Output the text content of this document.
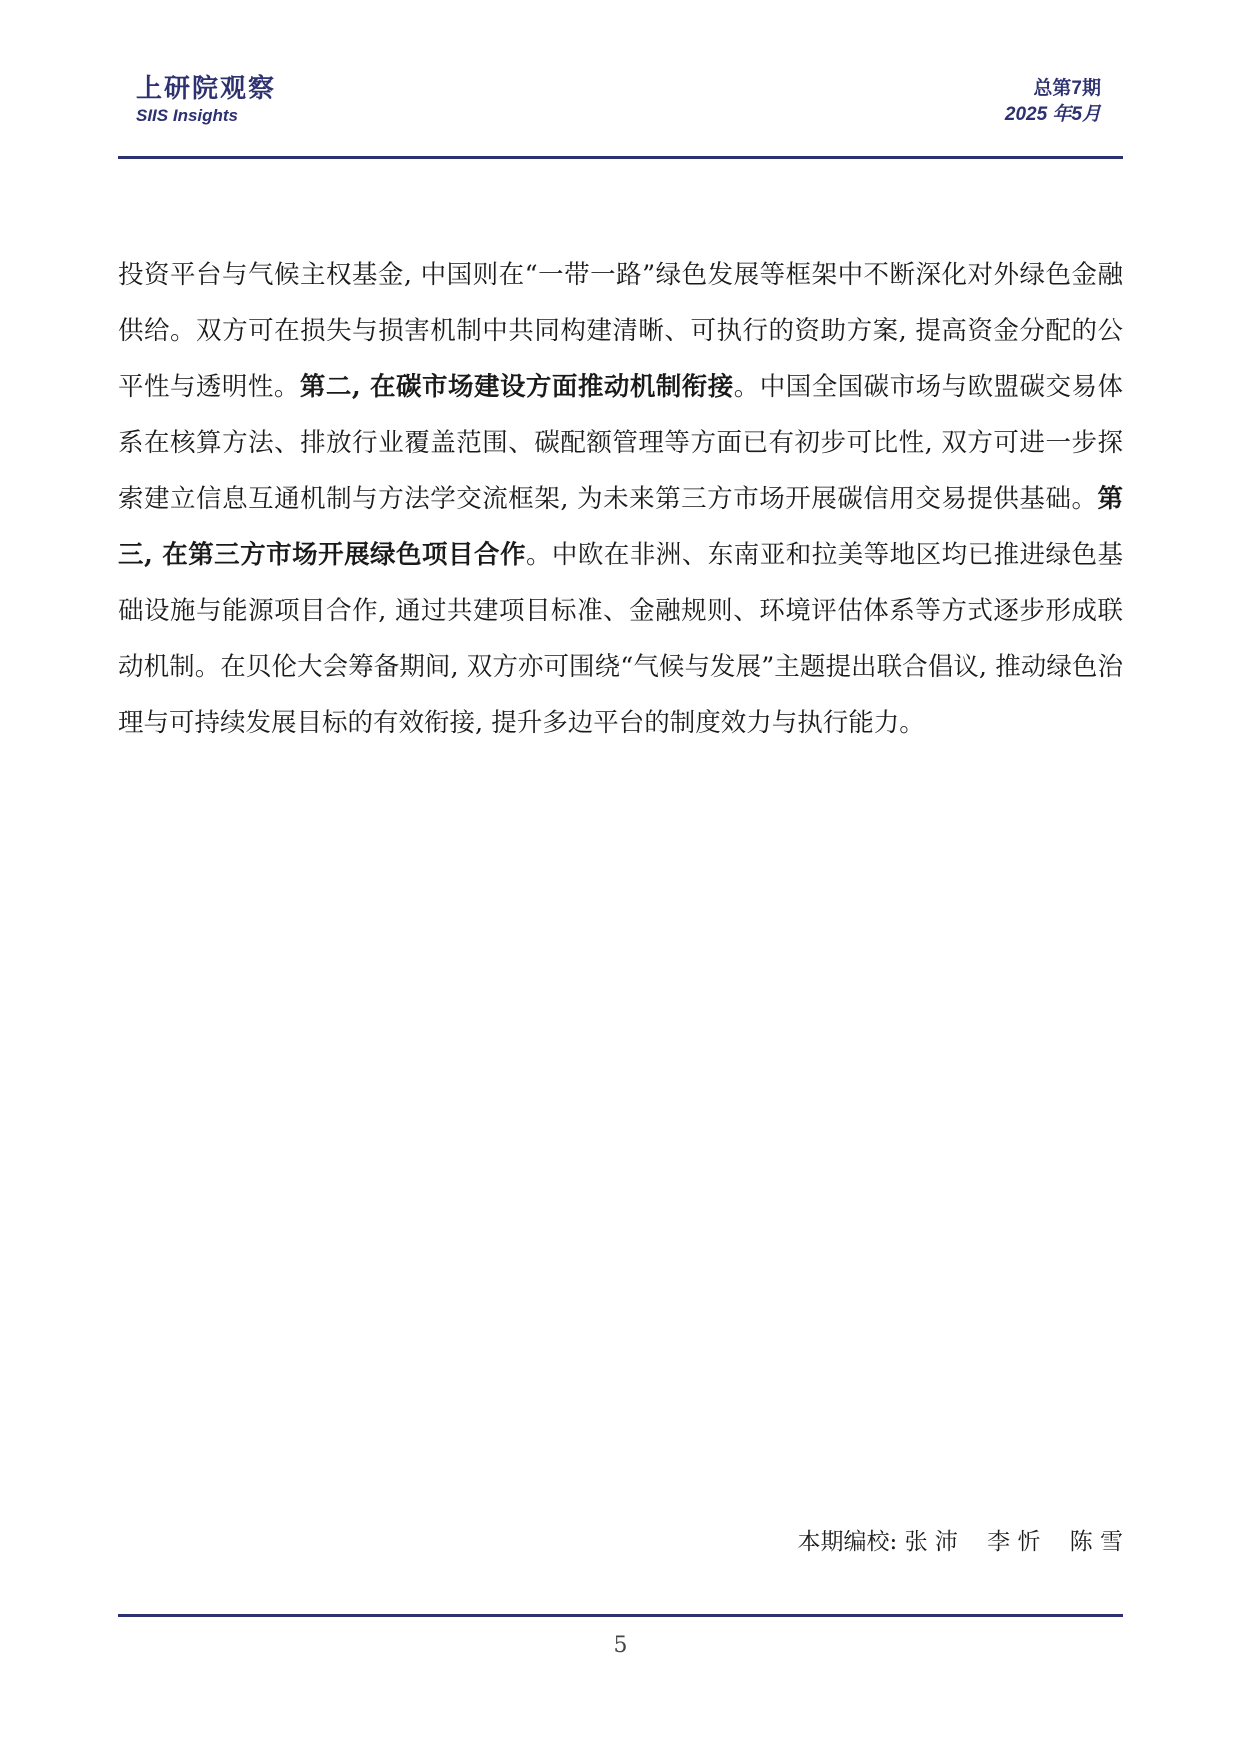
上研院观察
SIIS Insights
总第7期
2025 年5月
投资平台与气候主权基金, 中国则在“一带一路”绿色发展等框架中不断深化对外绿色金融供给。双方可在损失与损害机制中共同构建清晰、可执行的资助方案, 提高资金分配的公平性与透明性。第二, 在碳市场建设方面推动机制衔接。中国全国碳市场与欧盟碳交易体系在核算方法、排放行业覆盖范围、碳配额管理等方面已有初步可比性, 双方可进一步探索建立信息互通机制与方法学交流框架, 为未来第三方市场开展碳信用交易提供基础。第三, 在第三方市场开展绿色项目合作。中欧在非洲、东南亚和拉美等地区均已推进绿色基础设施与能源项目合作, 通过共建项目标准、金融规则、环境评估体系等方式逐步形成联动机制。在贝伦大会筹备期间, 双方亦可围绕“气候与发展”主题提出联合倡议, 推动绿色治理与可持续发展目标的有效衔接, 提升多边平台的制度效力与执行能力。
本期编校: 张 沛    李 忻    陈 雪
5
